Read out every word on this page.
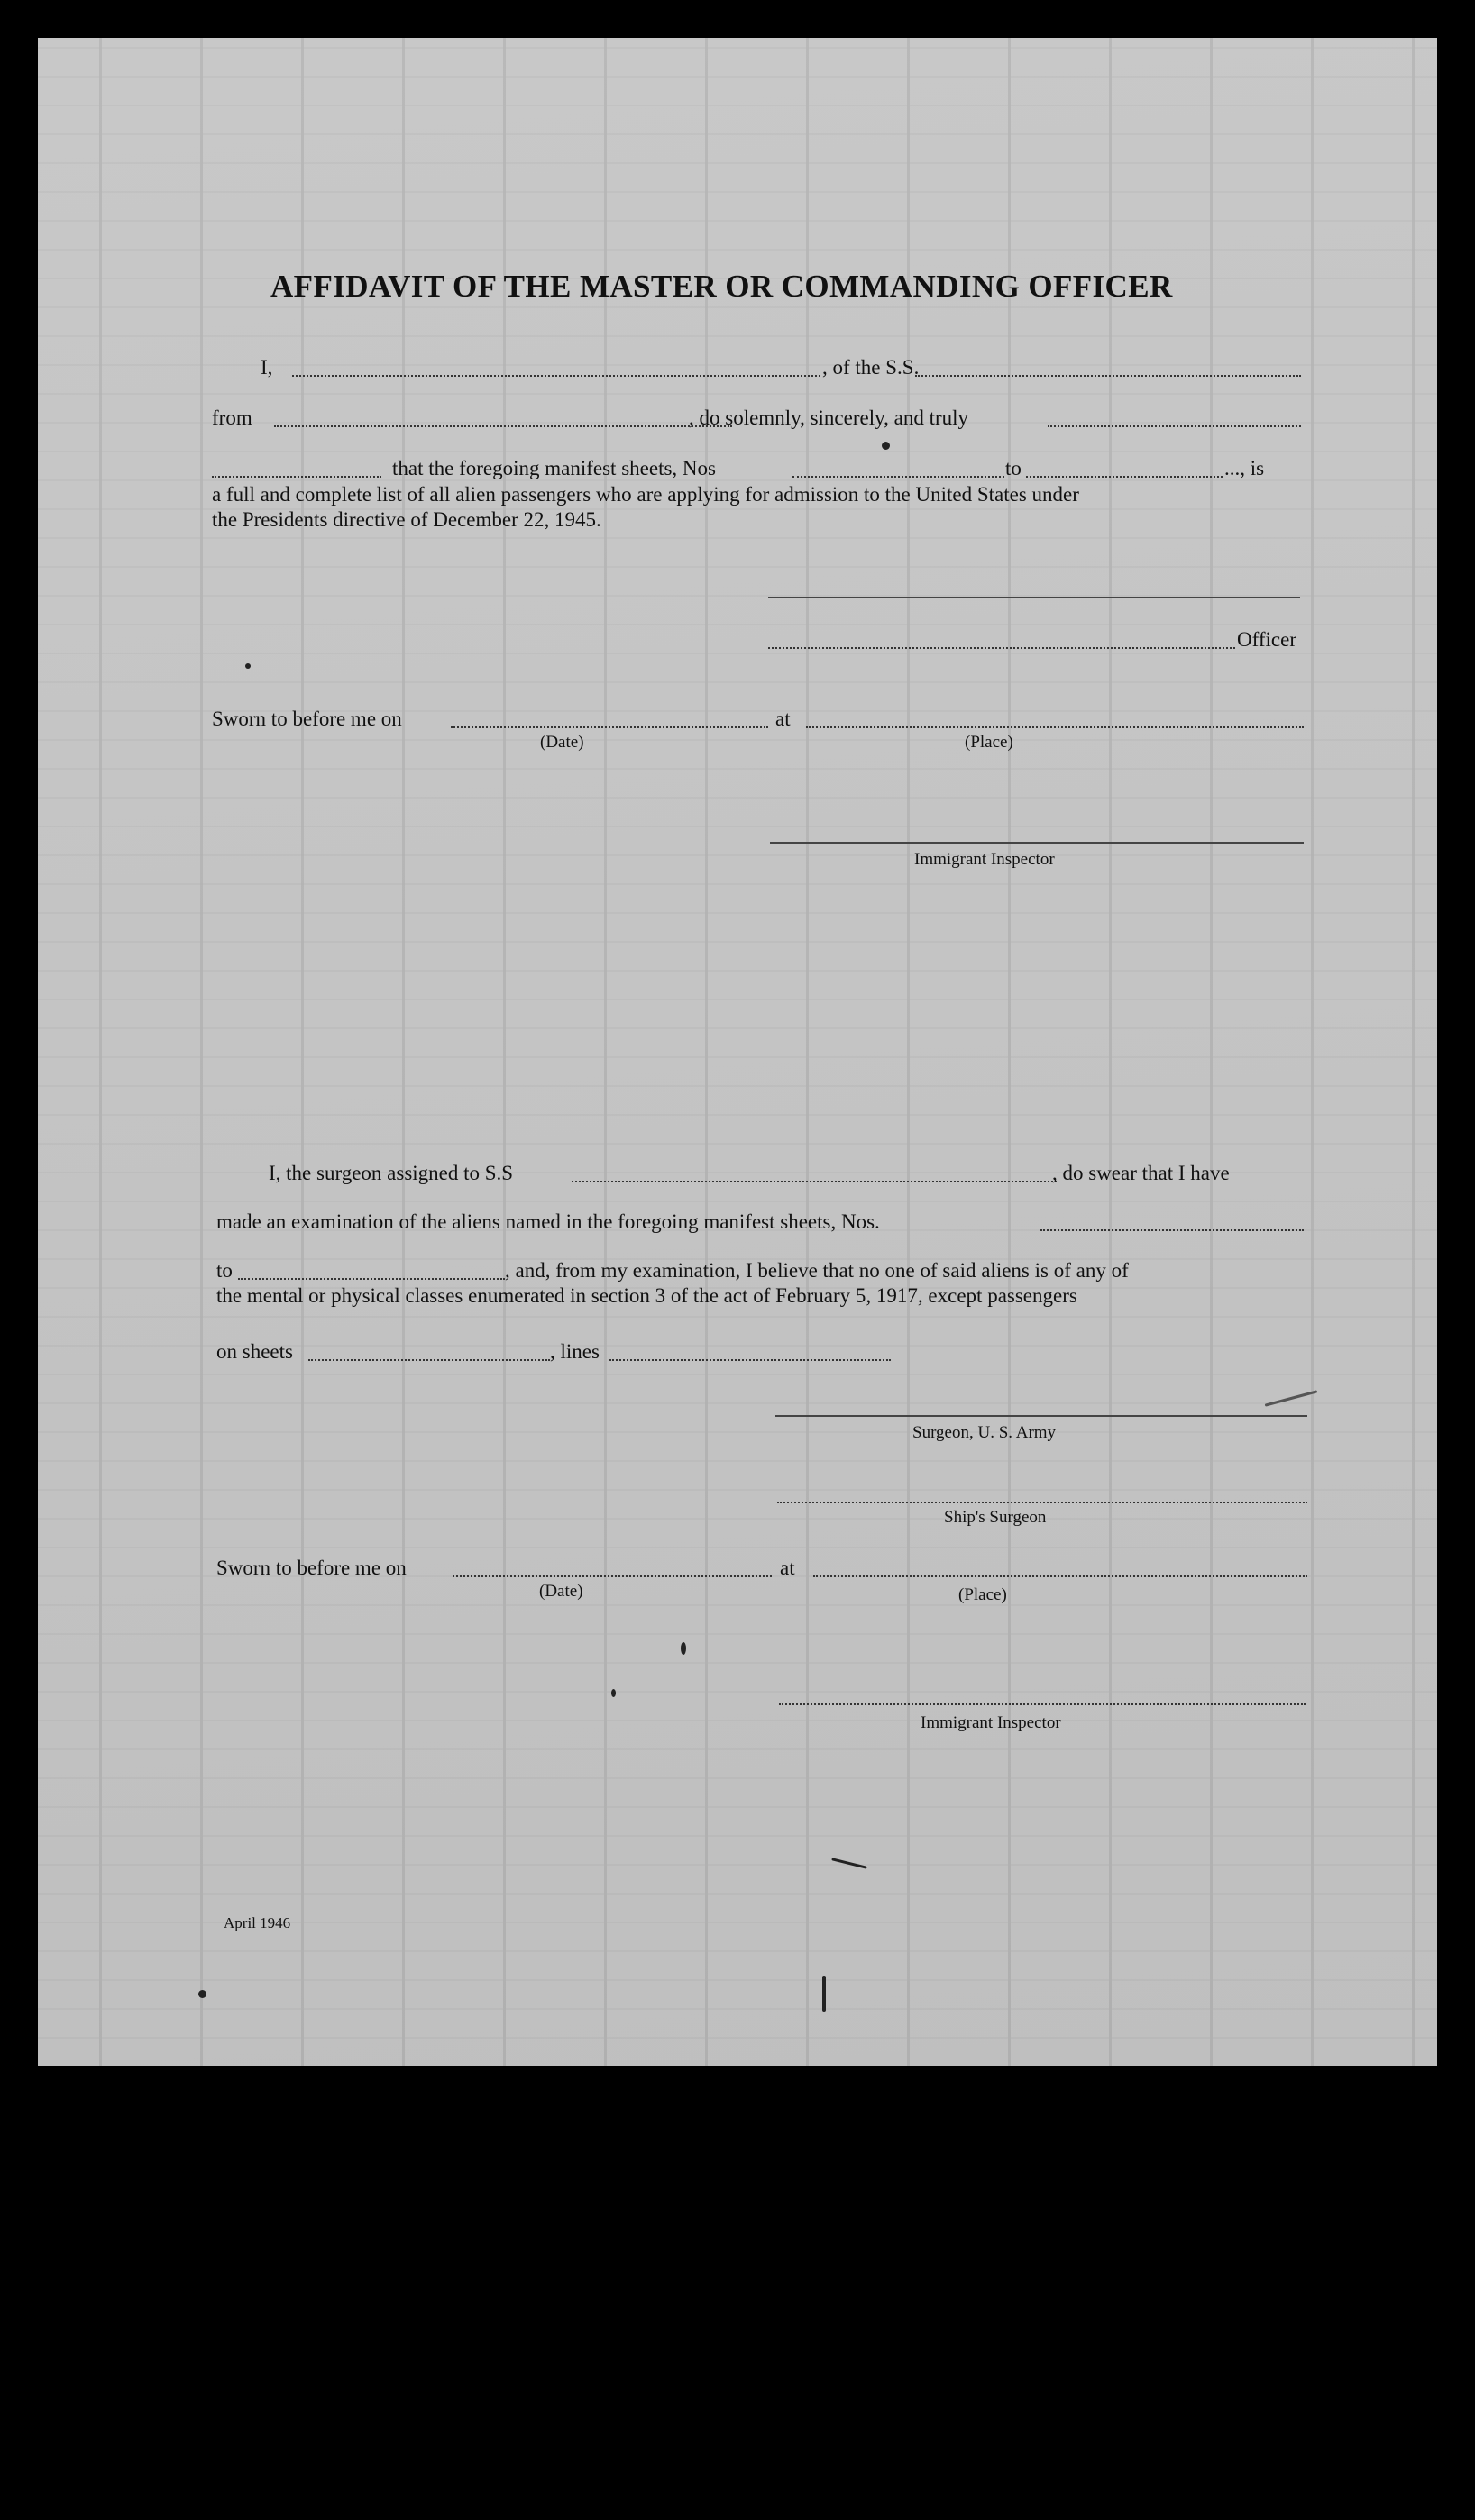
AFFIDAVIT OF THE MASTER OR COMMANDING OFFICER
I,	, of the S.S.
from	, do solemnly, sincerely, and truly
that the foregoing manifest sheets, Nos	to	..., is
a full and complete list of all alien passengers who are applying for admission to the United States under
the Presidents directive of December 22, 1945.
Officer
Sworn to before me on	at
(Date)	(Place)
Immigrant Inspector
I, the surgeon assigned to S.S	, do swear that I have
made an examination of the aliens named in the foregoing manifest sheets, Nos.
to	, and, from my examination, I believe that no one of said aliens is of any of
the mental or physical classes enumerated in section 3 of the act of February 5, 1917, except passengers
on sheets	, lines
Surgeon, U. S. Army
Ship's Surgeon
Sworn to before me on	at
(Date)	(Place)
Immigrant Inspector
April 1946
